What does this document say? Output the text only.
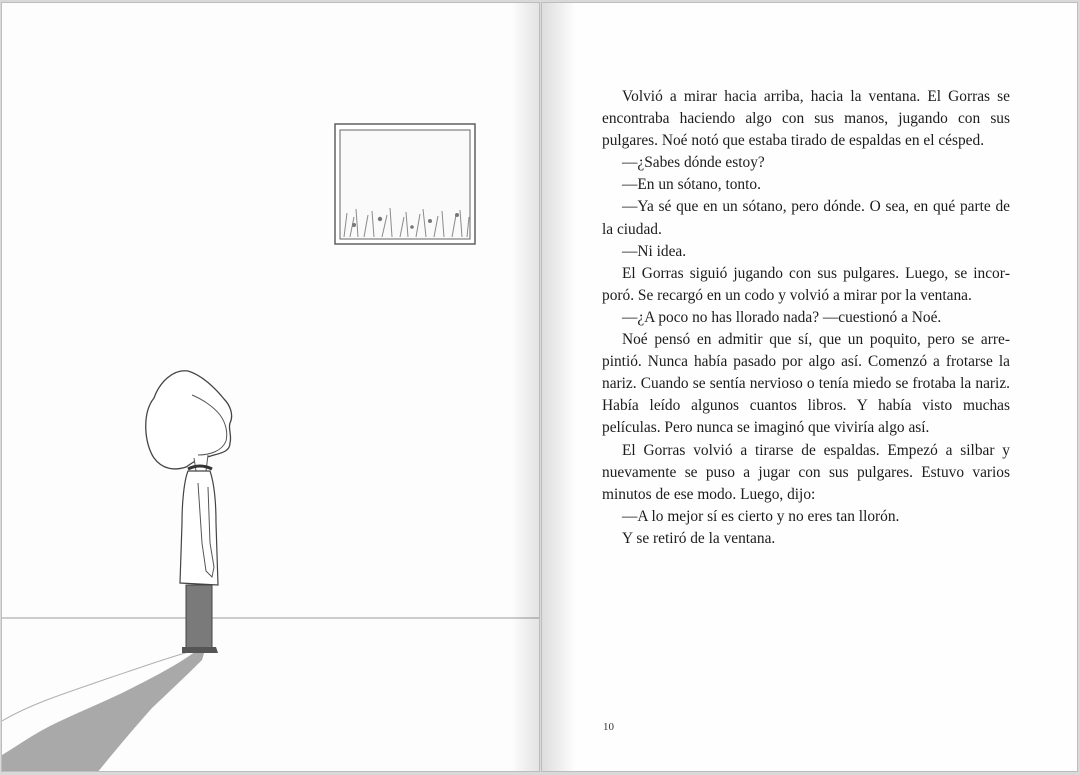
Volvió a mirar hacia arriba, hacia la ventana. El Gorras se encontraba haciendo algo con sus manos, jugando con sus pulgares. Noé notó que estaba tirado de espaldas en el césped.

—¿Sabes dónde estoy?

—En un sótano, tonto.

—Ya sé que en un sótano, pero dónde. O sea, en qué parte de la ciudad.

—Ni idea.

El Gorras siguió jugando con sus pulgares. Luego, se incorporó. Se recargó en un codo y volvió a mirar por la ventana.

—¿A poco no has llorado nada? —cuestionó a Noé.

Noé pensó en admitir que sí, que un poquito, pero se arrepintió. Nunca había pasado por algo así. Comenzó a frotarse la nariz. Cuando se sentía nervioso o tenía miedo se frotaba la nariz. Había leído algunos cuantos libros. Y había visto muchas películas. Pero nunca se imaginó que viviría algo así.

El Gorras volvió a tirarse de espaldas. Empezó a silbar y nuevamente se puso a jugar con sus pulgares. Estuvo varios minutos de ese modo. Luego, dijo:

—A lo mejor sí es cierto y no eres tan llorón.

Y se retiró de la ventana.

10
